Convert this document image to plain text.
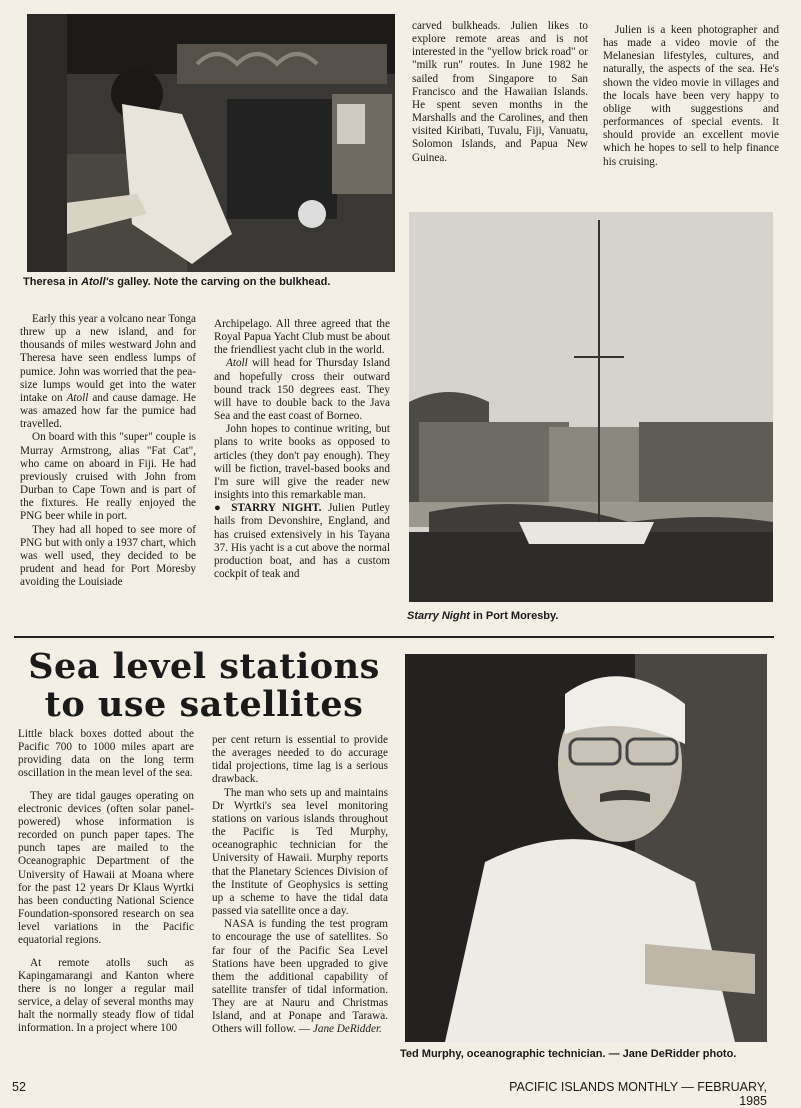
Theresa in Atoll's galley. Note the carving on the bulkhead.

carved bulkheads. Julien likes to explore remote areas and is not interested in the "yellow brick road" or "milk run" routes. In June 1982 he sailed from Singapore to San Francisco and the Hawaiian Islands. He spent seven months in the Marshalls and the Carolines, and then visited Kiribati, Tuvalu, Fiji, Vanuatu, Solomon Islands, and Papua New Guinea.

Julien is a keen photographer and has made a video movie of the Melanesian lifestyles, cultures, and naturally, the aspects of the sea. He's shown the video movie in villages and the locals have been very happy to oblige with suggestions and performances of special events. It should provide an excellent movie which he hopes to sell to help finance his cruising.

Starry Night in Port Moresby.

Early this year a volcano near Tonga threw up a new island, and for thousands of miles westward John and Theresa have seen endless lumps of pumice. John was worried that the pea-size lumps would get into the water intake on Atoll and cause damage. He was amazed how far the pumice had travelled.

On board with this "super" couple is Murray Armstrong, alias "Fat Cat", who came on aboard in Fiji. He had previously cruised with John from Durban to Cape Town and is part of the fixtures. He really enjoyed the PNG beer while in port.

They had all hoped to see more of PNG but with only a 1937 chart, which was well used, they decided to be prudent and head for Port Moresby avoiding the Louisiade

Archipelago. All three agreed that the Royal Papua Yacht Club must be about the friendliest yacht club in the world.

Atoll will head for Thursday Island and hopefully cross their outward bound track 150 degrees east. They will have to double back to the Java Sea and the east coast of Borneo.

John hopes to continue writing, but plans to write books as opposed to articles (they don't pay enough). They will be fiction, travel-based books and I'm sure will give the reader new insights into this remarkable man.

● STARRY NIGHT. Julien Putley hails from Devonshire, England, and has cruised extensively in his Tayana 37. His yacht is a cut above the normal production boat, and has a custom cockpit of teak and

Sea level stations
to use satellites

Little black boxes dotted about the Pacific 700 to 1000 miles apart are providing data on the long term oscillation in the mean level of the sea.

They are tidal gauges operating on electronic devices (often solar panel-powered) whose information is recorded on punch paper tapes. The punch tapes are mailed to the Oceanographic Department of the University of Hawaii at Moana where for the past 12 years Dr Klaus Wyrtki has been conducting National Science Foundation-sponsored research on sea level variations in the Pacific equatorial regions.

At remote atolls such as Kapingamarangi and Kanton where there is no longer a regular mail service, a delay of several months may halt the normally steady flow of tidal information. In a project where 100

per cent return is essential to provide the averages needed to do accurage tidal projections, time lag is a serious drawback.

The man who sets up and maintains Dr Wyrtki's sea level monitoring stations on various islands throughout the Pacific is Ted Murphy, oceanographic technician for the University of Hawaii. Murphy reports that the Planetary Sciences Division of the Institute of Geophysics is setting up a scheme to have the tidal data passed via satellite once a day.

NASA is funding the test program to encourage the use of satellites. So far four of the Pacific Sea Level Stations have been upgraded to give them the additional capability of satellite transfer of tidal information. They are at Nauru and Christmas Island, and at Ponape and Tarawa. Others will follow. — Jane DeRidder.

Ted Murphy, oceanographic technician. — Jane DeRidder photo.
52	PACIFIC ISLANDS MONTHLY — FEBRUARY, 1985
